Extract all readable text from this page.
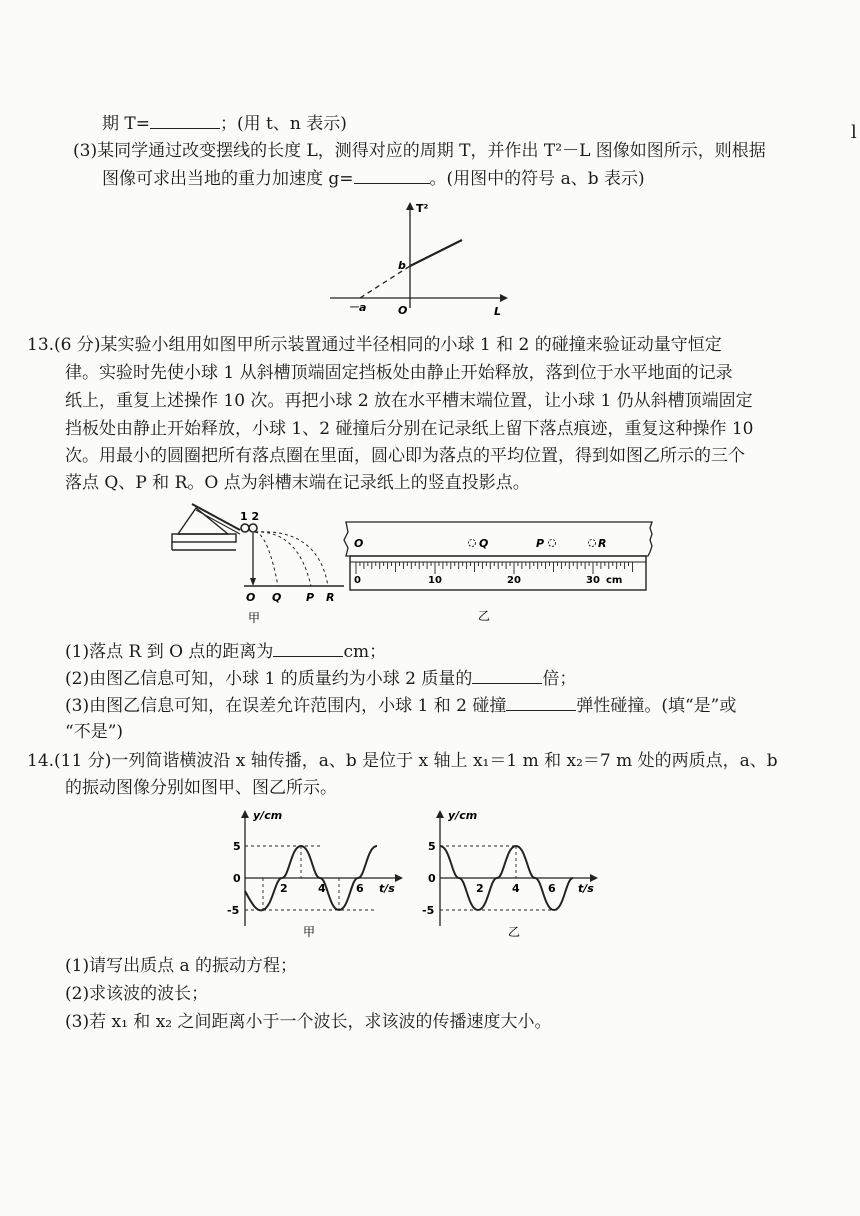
期 T=	；(用 t、n 表示)	l
(3)某同学通过改变摆线的长度 L，测得对应的周期 T，并作出 T²－L 图像如图所示，则根据
图像可求出当地的重力加速度 g=	。(用图中的符号 a、b 表示)
T²
L
O
－a
b
13.(6 分)某实验小组用如图甲所示装置通过半径相同的小球 1 和 2 的碰撞来验证动量守恒定
律。实验时先使小球 1 从斜槽顶端固定挡板处由静止开始释放，落到位于水平地面的记录
纸上，重复上述操作 10 次。再把小球 2 放在水平槽末端位置，让小球 1 仍从斜槽顶端固定
挡板处由静止开始释放，小球 1、2 碰撞后分别在记录纸上留下落点痕迹，重复这种操作 10
次。用最小的圆圈把所有落点圈在里面，圆心即为落点的平均位置，得到如图乙所示的三个
落点 Q、P 和 R。O 点为斜槽末端在记录纸上的竖直投影点。
1 2
O Q P R
甲
O	Q	P	R
0	10	20	30 cm
乙
(1)落点 R 到 O 点的距离为	cm；
(2)由图乙信息可知，小球 1 的质量约为小球 2 质量的	倍；
(3)由图乙信息可知，在误差允许范围内，小球 1 和 2 碰撞	弹性碰撞。(填“是”或
“不是”)
14.(11 分)一列简谐横波沿 x 轴传播，a、b 是位于 x 轴上 x₁＝1 m 和 x₂＝7 m 处的两质点，a、b
的振动图像分别如图甲、图乙所示。
y/cm
t/s
5
0
-5
2	4	6
甲
y/cm
t/s
5
0
-5
2	4	6
乙
(1)请写出质点 a 的振动方程；
(2)求该波的波长；
(3)若 x₁ 和 x₂ 之间距离小于一个波长，求该波的传播速度大小。
